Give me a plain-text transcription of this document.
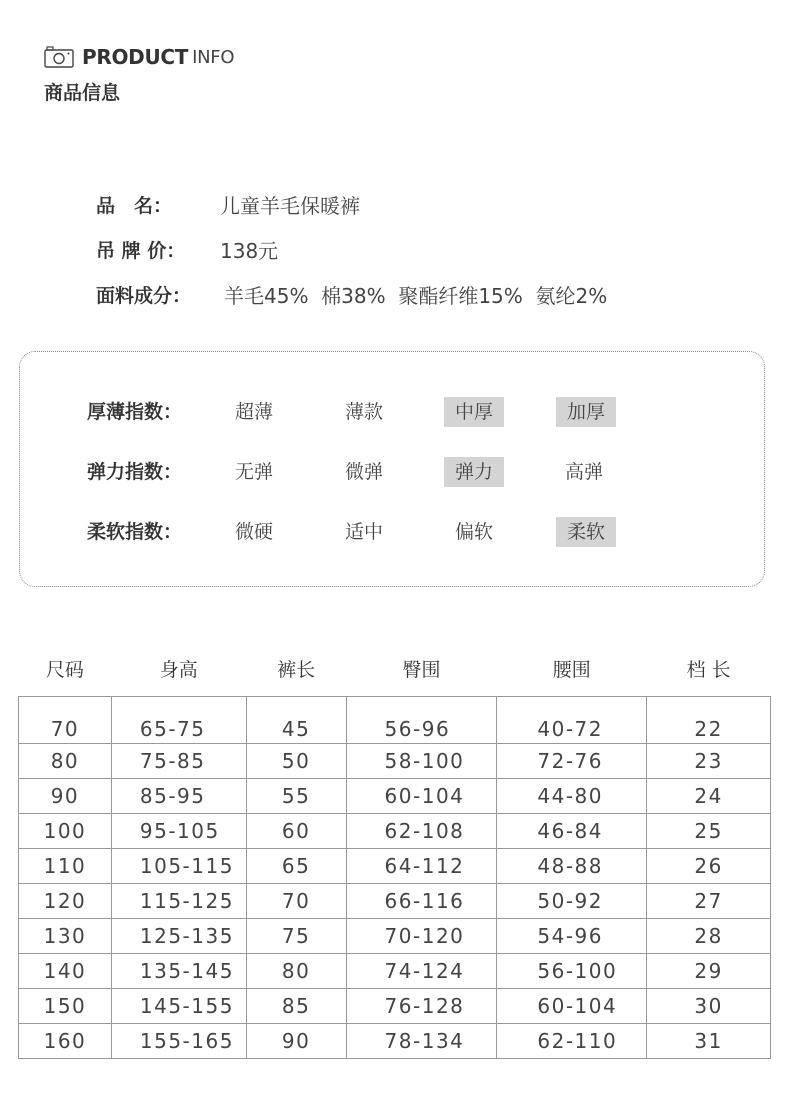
PRODUCT INFO
商品信息
品　名：	儿童羊毛保暖裤
吊 牌 价：	138元
面料成分：	羊毛45%  棉38%  聚酯纤维15%  氨纶2%
厚薄指数：	超薄	薄款	中厚	加厚
弹力指数：	无弹	微弹	弹力	高弹
柔软指数：	微硬	适中	偏软	柔软
尺码	身高	裤长	臀围	腰围	档 长
70	65-75	45	56-96	40-72	22
80	75-85	50	58-100	72-76	23
90	85-95	55	60-104	44-80	24
100	95-105	60	62-108	46-84	25
110	105-115	65	64-112	48-88	26
120	115-125	70	66-116	50-92	27
130	125-135	75	70-120	54-96	28
140	135-145	80	74-124	56-100	29
150	145-155	85	76-128	60-104	30
160	155-165	90	78-134	62-110	31
